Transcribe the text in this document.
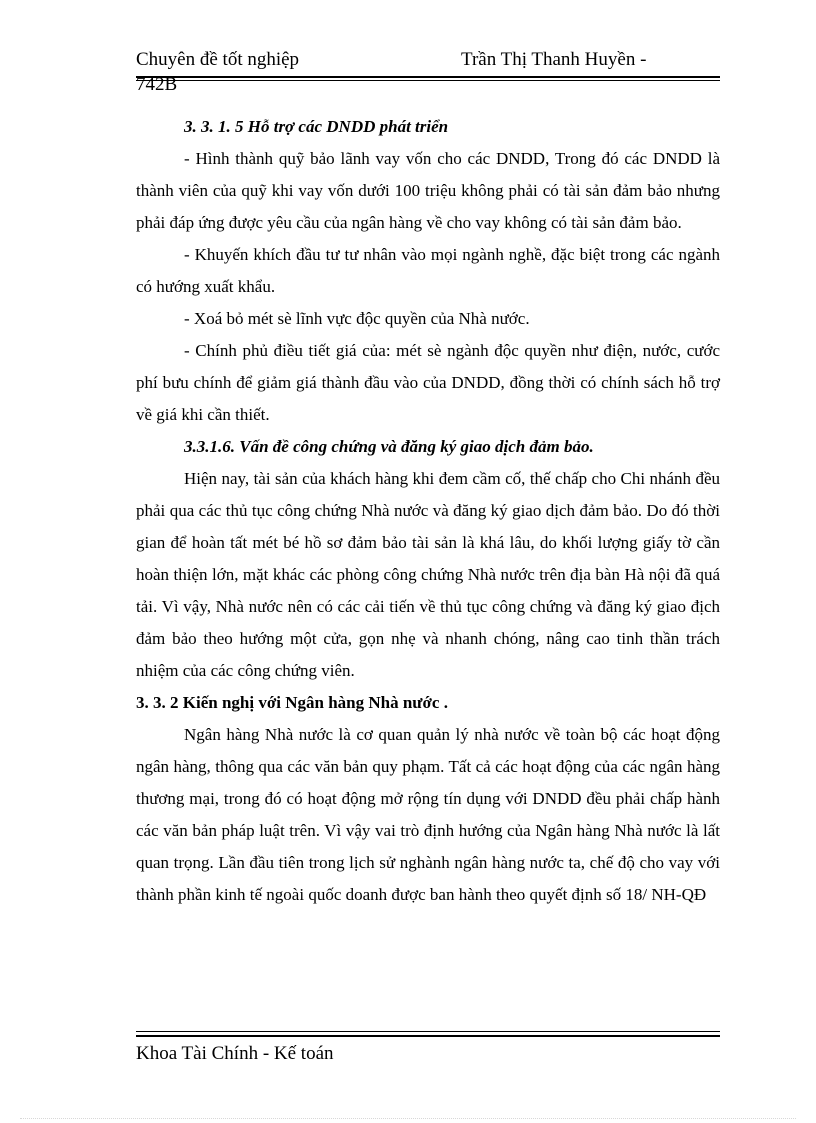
Chuyên đề tốt nghiệp	Trần Thị Thanh Huyền -
742B

3. 3. 1. 5 Hỗ trợ các DNDD phát triển

- Hình thành quỹ bảo lãnh vay vốn cho các DNDD, Trong đó các DNDD là thành viên của quỹ khi vay vốn dưới 100 triệu không phải có tài sản đảm bảo nhưng phải đáp ứng được yêu cầu của ngân hàng về cho vay không có tài sản đảm bảo.

- Khuyến khích đầu tư tư nhân vào mọi ngành nghề, đặc biệt trong các ngành có hướng xuất khẩu.

- Xoá bỏ mét sè lĩnh vực độc quyền của Nhà nước.

- Chính phủ điều tiết giá của: mét sè ngành độc quyền như điện, nước, cước phí bưu chính để giảm giá thành đầu vào của DNDD, đồng thời có chính sách hỗ trợ về giá khi cần thiết.

3.3.1.6. Vấn đề công chứng và đăng ký giao dịch đảm bảo.

Hiện nay, tài sản của khách hàng khi đem cầm cố, thế chấp cho Chi nhánh đều phải qua các thủ tục công chứng Nhà nước và đăng ký giao dịch đảm bảo. Do đó thời gian để hoàn tất mét bé hồ sơ đảm bảo tài sản là khá lâu, do khối lượng giấy tờ cần hoàn thiện lớn, mặt khác các phòng công chứng Nhà nước trên địa bàn Hà nội đã quá tải. Vì vậy, Nhà nước nên có các cải tiến về thủ tục công chứng và đăng ký giao địch đảm bảo theo hướng một cửa, gọn nhẹ và nhanh chóng, nâng cao tinh thần trách nhiệm của các công chứng viên.

3. 3. 2 Kiến nghị với Ngân hàng Nhà nước .

Ngân hàng Nhà nước là cơ quan quản lý nhà nước về toàn bộ các hoạt động ngân hàng, thông qua các văn bản quy phạm. Tất cả các hoạt động của các ngân hàng thương mại, trong đó có hoạt động mở rộng tín dụng với DNDD đều phải chấp hành các văn bản pháp luật trên. Vì vậy vai trò định hướng của Ngân hàng Nhà nước là lất quan trọng. Lần đầu tiên trong lịch sử nghành ngân hàng nước ta, chế độ cho vay với thành phần kinh tế ngoài quốc doanh được ban hành theo quyết định số 18/ NH-QĐ

Khoa Tài Chính - Kế toán
